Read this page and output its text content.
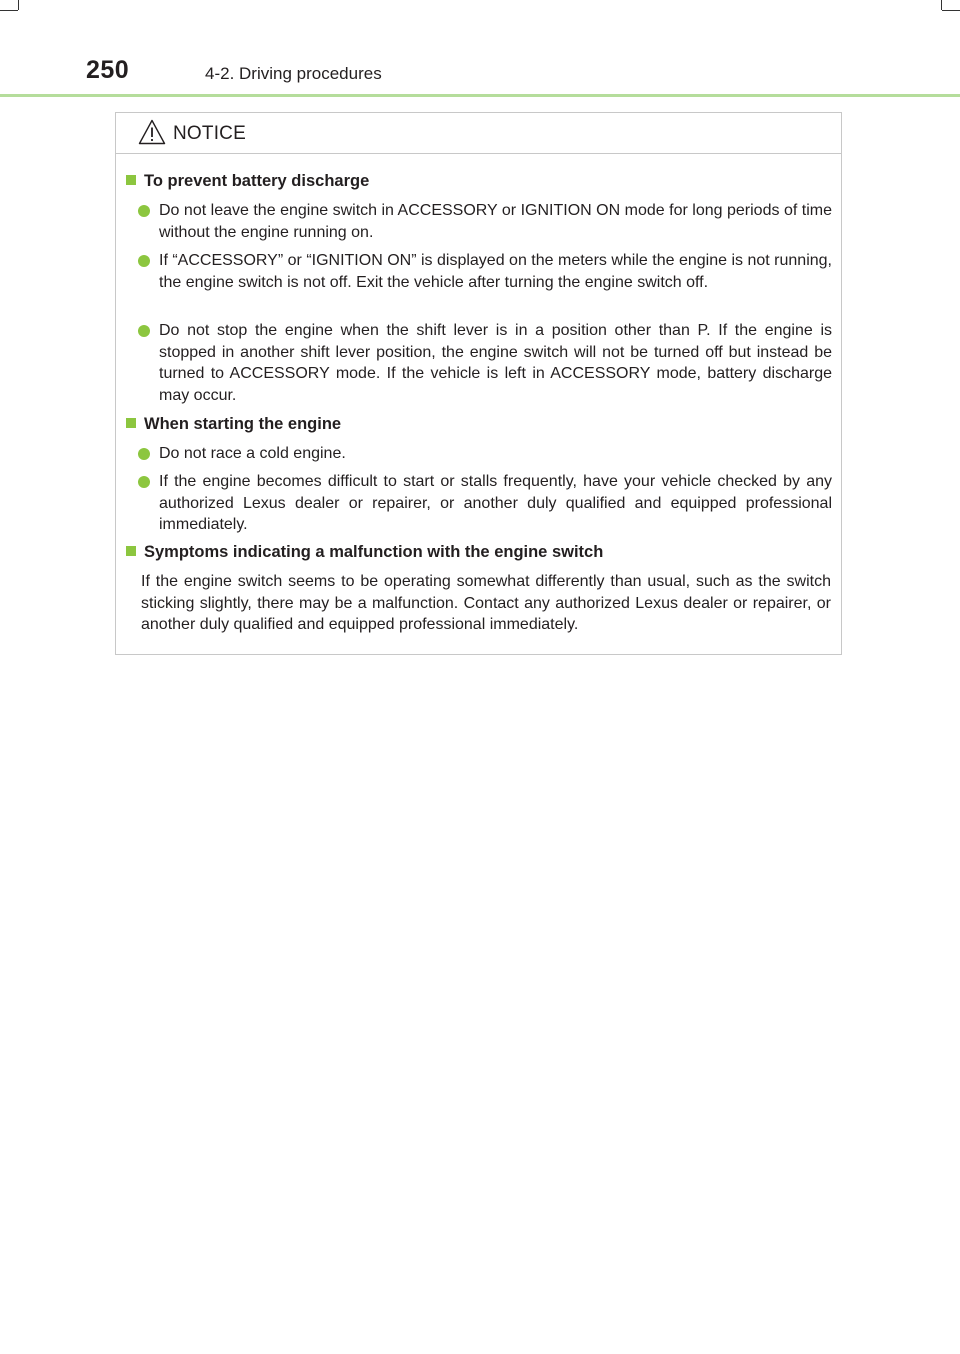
250	4-2. Driving procedures
NOTICE
To prevent battery discharge
Do not leave the engine switch in ACCESSORY or IGNITION ON mode for long periods of time without the engine running on.
If “ACCESSORY” or “IGNITION ON” is displayed on the meters while the engine is not running, the engine switch is not off. Exit the vehicle after turning the engine switch off.
Do not stop the engine when the shift lever is in a position other than P. If the engine is stopped in another shift lever position, the engine switch will not be turned off but instead be turned to ACCESSORY mode. If the vehicle is left in ACCESSORY mode, battery discharge may occur.
When starting the engine
Do not race a cold engine.
If the engine becomes difficult to start or stalls frequently, have your vehicle checked by any authorized Lexus dealer or repairer, or another duly qualified and equipped professional immediately.
Symptoms indicating a malfunction with the engine switch
If the engine switch seems to be operating somewhat differently than usual, such as the switch sticking slightly, there may be a malfunction. Contact any authorized Lexus dealer or repairer, or another duly qualified and equipped professional immediately.
